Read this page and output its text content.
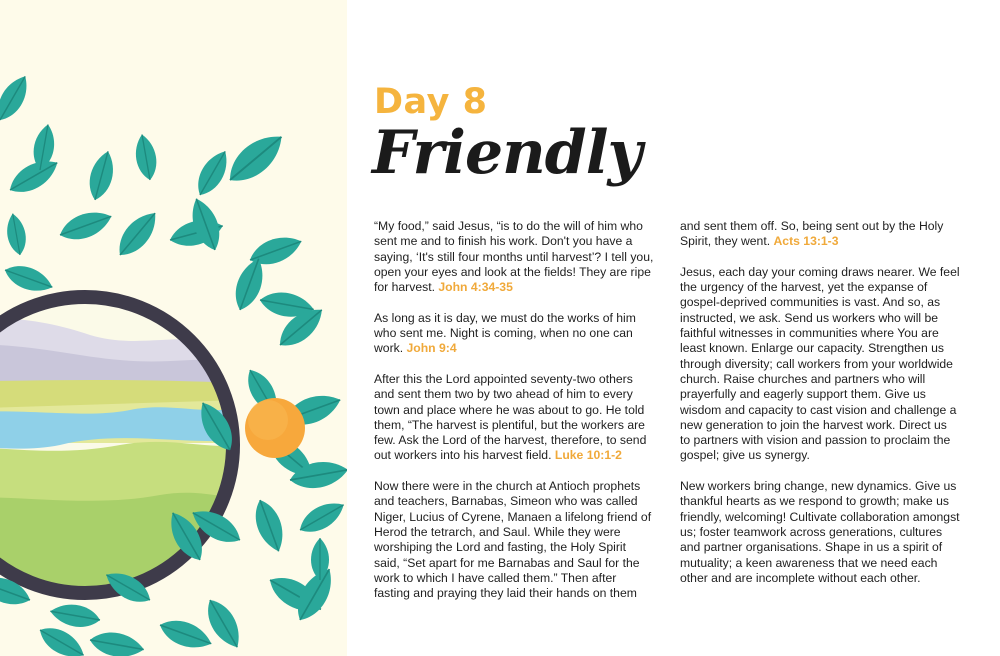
Day 8
Friendly

“My food,” said Jesus, “is to do the will of him who sent me and to finish his work. Don't you have a saying, ‘It's still four months until harvest’? I tell you, open your eyes and look at the fields! They are ripe for harvest. John 4:34-35

As long as it is day, we must do the works of him who sent me. Night is coming, when no one can work. John 9:4

After this the Lord appointed seventy-two others and sent them two by two ahead of him to every town and place where he was about to go. He told them, “The harvest is plentiful, but the workers are few. Ask the Lord of the harvest, therefore, to send out workers into his harvest field. Luke 10:1-2

Now there were in the church at Antioch prophets and teachers, Barnabas, Simeon who was called Niger, Lucius of Cyrene, Manaen a lifelong friend of Herod the tetrarch, and Saul. While they were worshiping the Lord and fasting, the Holy Spirit said, “Set apart for me Barnabas and Saul for the work to which I have called them.” Then after fasting and praying they laid their hands on them

and sent them off. So, being sent out by the Holy Spirit, they went. Acts 13:1-3

Jesus, each day your coming draws nearer. We feel the urgency of the harvest, yet the expanse of gospel-deprived communities is vast. And so, as instructed, we ask. Send us workers who will be faithful witnesses in communities where You are least known. Enlarge our capacity. Strengthen us through diversity; call workers from your worldwide church. Raise churches and partners who will prayerfully and eagerly support them. Give us wisdom and capacity to cast vision and challenge a new generation to join the harvest work. Direct us to partners with vision and passion to proclaim the gospel; give us synergy.

New workers bring change, new dynamics. Give us thankful hearts as we respond to growth; make us friendly, welcoming! Cultivate collaboration amongst us; foster teamwork across generations, cultures and partner organisations. Shape in us a spirit of mutuality; a keen awareness that we need each other and are incomplete without each other.
